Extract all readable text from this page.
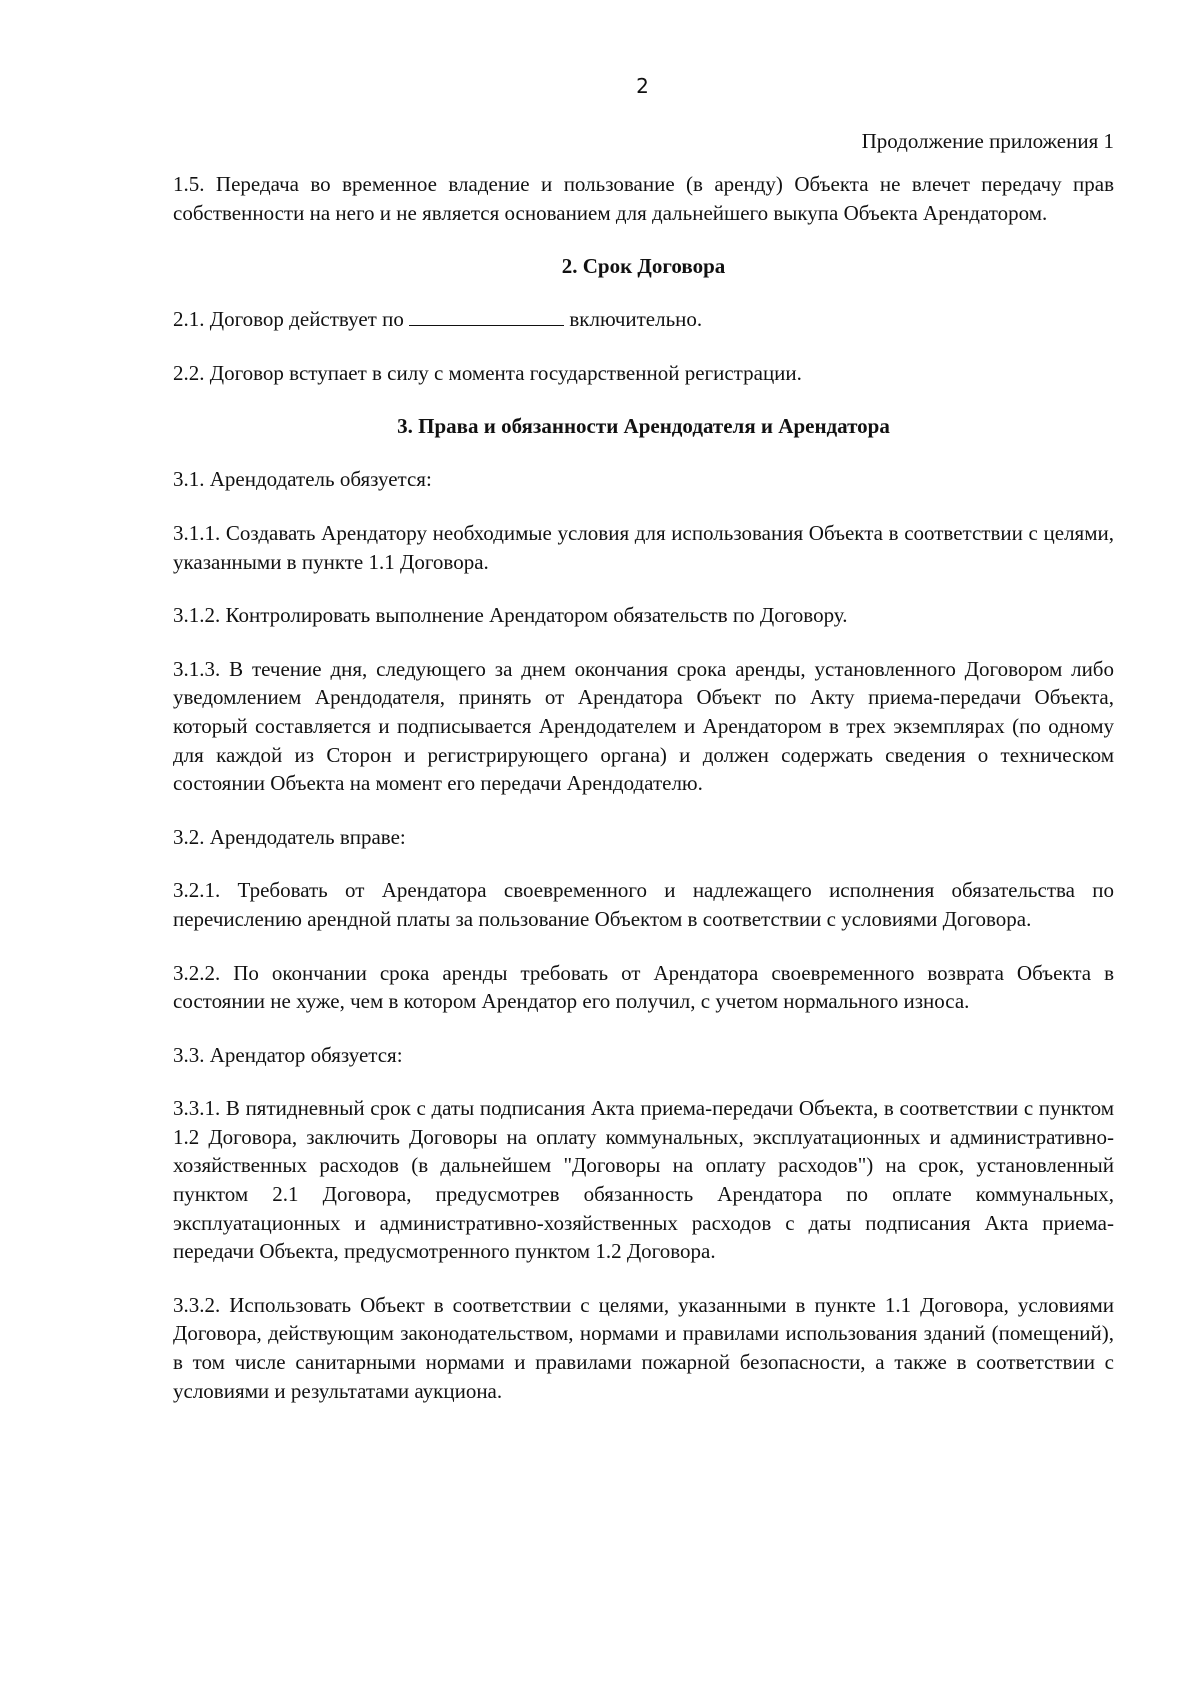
2
Продолжение приложения 1

1.5. Передача во временное владение и пользование (в аренду) Объекта не влечет передачу прав собственности на него и не является основанием для дальнейшего выкупа Объекта Арендатором.

2. Срок Договора

2.1. Договор действует по	включительно.

2.2. Договор вступает в силу с момента государственной регистрации.

3. Права и обязанности Арендодателя и Арендатора

3.1. Арендодатель обязуется:

3.1.1. Создавать Арендатору необходимые условия для использования Объекта в соответствии с целями, указанными в пункте 1.1 Договора.

3.1.2. Контролировать выполнение Арендатором обязательств по Договору.

3.1.3. В течение дня, следующего за днем окончания срока аренды, установленного Договором либо уведомлением Арендодателя, принять от Арендатора Объект по Акту приема-передачи Объекта, который составляется и подписывается Арендодателем и Арендатором в трех экземплярах (по одному для каждой из Сторон и регистрирующего органа) и должен содержать сведения о техническом состоянии Объекта на момент его передачи Арендодателю.

3.2. Арендодатель вправе:

3.2.1. Требовать от Арендатора своевременного и надлежащего исполнения обязательства по перечислению арендной платы за пользование Объектом в соответствии с условиями Договора.

3.2.2. По окончании срока аренды требовать от Арендатора своевременного возврата Объекта в состоянии не хуже, чем в котором Арендатор его получил, с учетом нормального износа.

3.3. Арендатор обязуется:

3.3.1. В пятидневный срок с даты подписания Акта приема-передачи Объекта, в соответствии с пунктом 1.2 Договора, заключить Договоры на оплату коммунальных, эксплуатационных и административно-хозяйственных расходов (в дальнейшем "Договоры на оплату расходов") на срок, установленный пунктом 2.1 Договора, предусмотрев обязанность Арендатора по оплате коммунальных, эксплуатационных и административно-хозяйственных расходов с даты подписания Акта приема-передачи Объекта, предусмотренного пунктом 1.2 Договора.

3.3.2. Использовать Объект в соответствии с целями, указанными в пункте 1.1 Договора, условиями Договора, действующим законодательством, нормами и правилами использования зданий (помещений), в том числе санитарными нормами и правилами пожарной безопасности, а также в соответствии с условиями и результатами аукциона.
